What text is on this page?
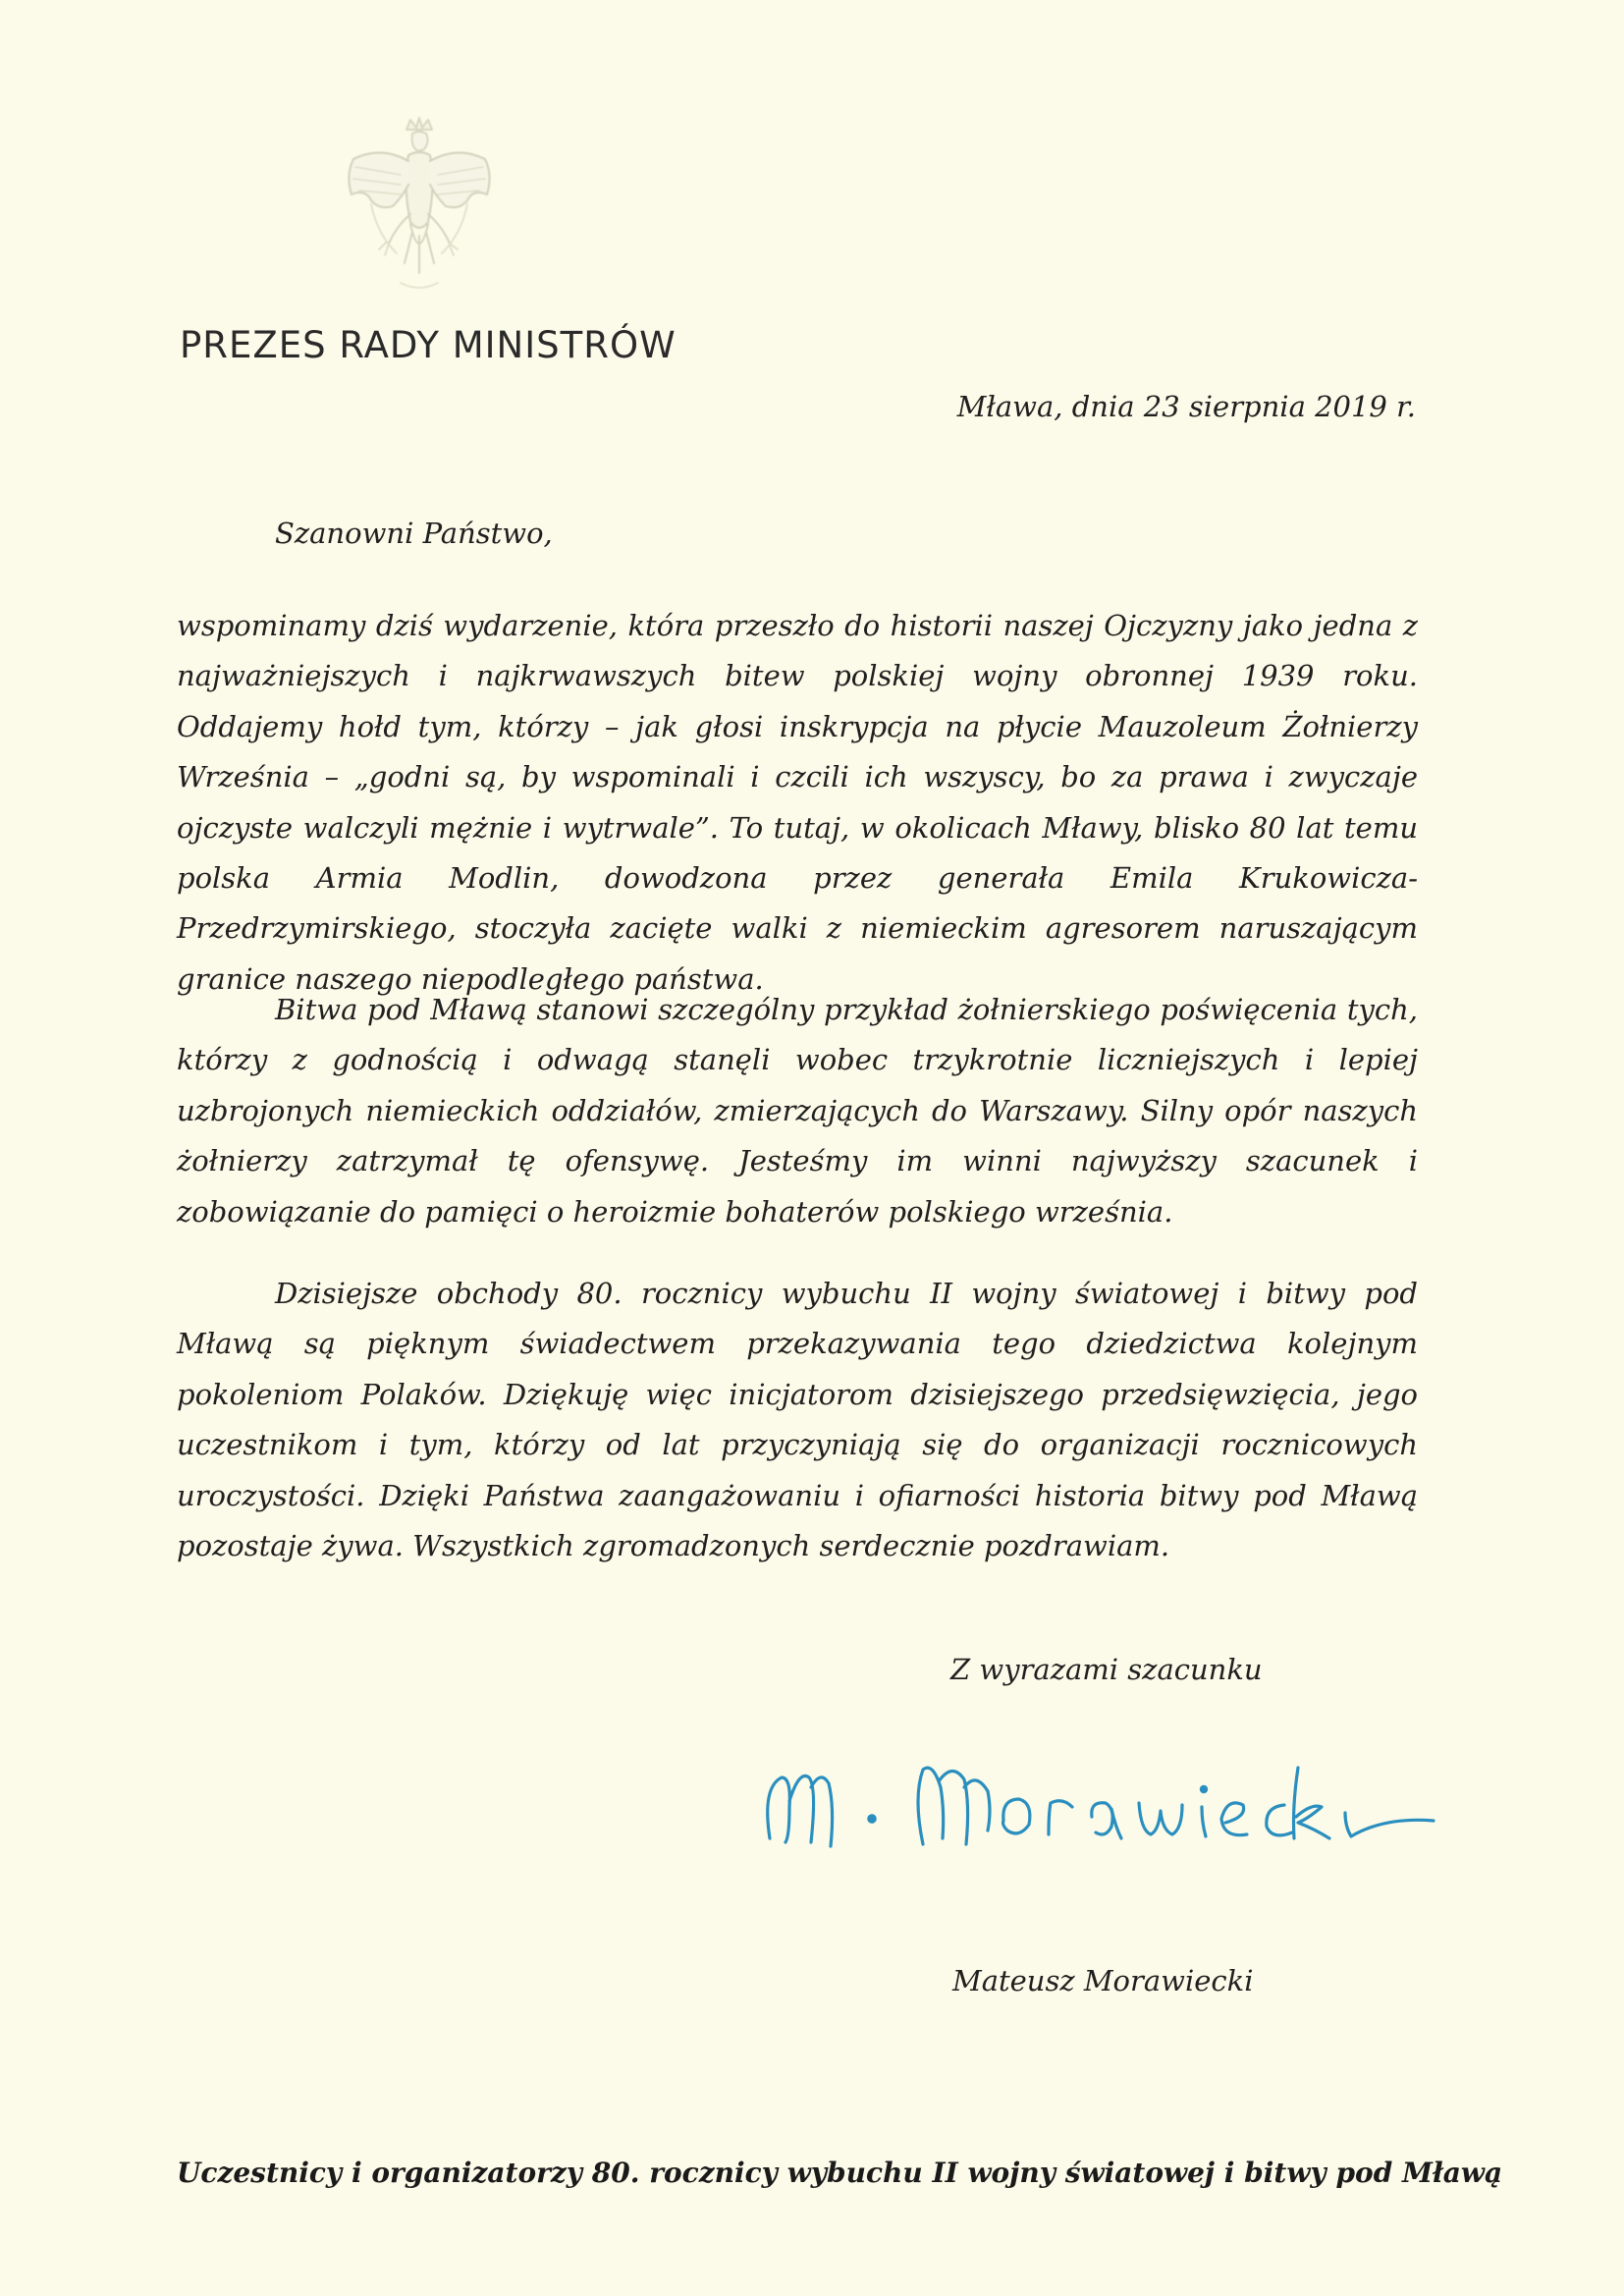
PREZES RADY MINISTRÓW
Mława, dnia 23 sierpnia 2019 r.
Szanowni Państwo,

wspominamy dziś wydarzenie, która przeszło do historii naszej Ojczyzny jako jedna z najważniejszych i najkrwawszych bitew polskiej wojny obronnej 1939 roku. Oddajemy hołd tym, którzy – jak głosi inskrypcja na płycie Mauzoleum Żołnierzy Września – „godni są, by wspominali i czcili ich wszyscy, bo za prawa i zwyczaje ojczyste walczyli mężnie i wytrwale”. To tutaj, w okolicach Mławy, blisko 80 lat temu polska Armia Modlin, dowodzona przez generała Emila Krukowicza-Przedrzymirskiego, stoczyła zacięte walki z niemieckim agresorem naruszającym granice naszego niepodległego państwa.

Bitwa pod Mławą stanowi szczególny przykład żołnierskiego poświęcenia tych, którzy z godnością i odwagą stanęli wobec trzykrotnie liczniejszych i lepiej uzbrojonych niemieckich oddziałów, zmierzających do Warszawy. Silny opór naszych żołnierzy zatrzymał tę ofensywę. Jesteśmy im winni najwyższy szacunek i zobowiązanie do pamięci o heroizmie bohaterów polskiego września.

Dzisiejsze obchody 80. rocznicy wybuchu II wojny światowej i bitwy pod Mławą są pięknym świadectwem przekazywania tego dziedzictwa kolejnym pokoleniom Polaków. Dziękuję więc inicjatorom dzisiejszego przedsięwzięcia, jego uczestnikom i tym, którzy od lat przyczyniają się do organizacji rocznicowych uroczystości. Dzięki Państwa zaangażowaniu i ofiarności historia bitwy pod Mławą pozostaje żywa. Wszystkich zgromadzonych serdecznie pozdrawiam.

Z wyrazami szacunku
Mateusz Morawiecki
Uczestnicy i organizatorzy 80. rocznicy wybuchu II wojny światowej i bitwy pod Mławą
